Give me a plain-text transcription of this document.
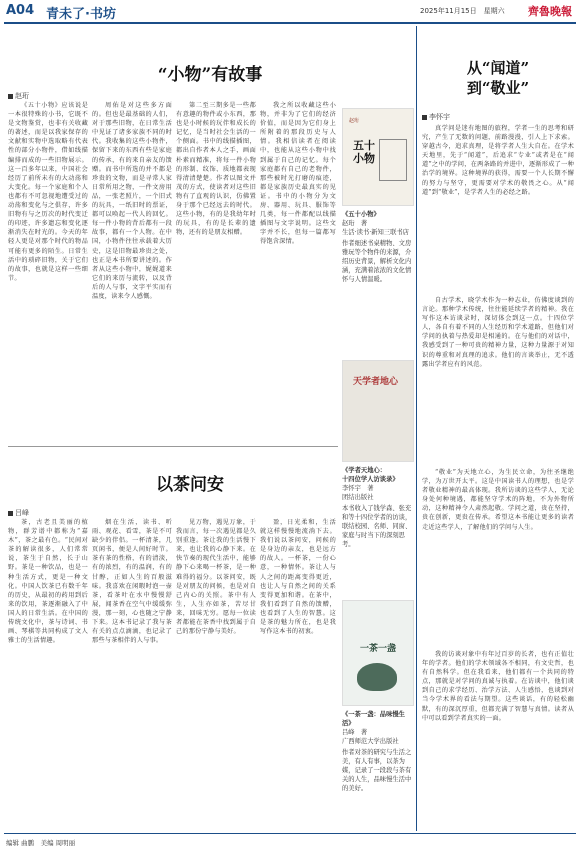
A04 青未了·书坊	2025年11月15日　星期六 齊魯晚報
“小物”有故事
赵珩

《五十小物》应该说是一本很特殊的小书，它既不是文物鉴赏，也非有关收藏的著述，而是以我家保存的文献和实物中选取略有代表性的部分小物件，借如线描编排而成的一些旧物展示。这一百多年以来，中国社会经历了前所未有的大动荡和大变化。每一个家庭和个人也都有不可忽视地遭受过的动荡和变化与之俱存，许多旧物有与之历次的时代变迁的印迹，许多遗忘和变化逐渐消失在时光的。今天的年轻人更是对那个时代的物品可能有更多的陌生。日常生活中的琐碎旧物，关于它们的故事，也就是这样一些细节。

周佑是对这些多方面的。但也是最基础的人们，对于那些旧物，在日常生活中见证了诸多家族不同的时代。我收集的这些小物件，保留下来的东西有些是家庭的传承，有的来自亲友的馈赠。而书中所选的并不都是珍贵的文物，而是寻常人家日常所用之物，一件文房用品，一张老照片，一个旧式的玩具，一纸旧时的票证，都可以唤起一代人的回忆。每一件小物的背后都有一段故事，都有一个人物。在中国，小物件往往承载着大历史，这是旧物最珍贵之处，也正是本书所要讲述的。作者从这些小物中，娓娓道来它们的来历与流转，以及背后的人与事，文字平实而有温度，读来令人感慨。

第二至三期多是一些都有意趣的物件或小东西，那也是小时候的玩伴和成长的记忆，是当时社会生活的一个侧面。书中的线描插图，都出自作者本人之手，画面朴素而精准，将每一件小物的形制、纹饰、质地都表现得清清楚楚。作者以图文并茂的方式，使读者对这些旧物有了直观的认识，仿佛置身于那个已经远去的时代。这些小物，有的是我幼年时的玩具，有的是长辈的遗物，还有的是朋友相赠。

我之所以收藏这些小物，并非为了它们的经济价值，而是因为它们身上所附着的那段历史与人情。我相信读者在阅读中，也能从这些小物中找到属于自己的记忆。每个家庭都有自己的老物件，那些被时光打磨的痕迹，都是家族历史最真实的见证。书中的小物分为文房、器用、玩具、服饰等几类，每一件都配以线描插图与文字说明。这些文字并不长，但每一篇都写得饱含深情。

赵珩
五十小物
《五十小物》
赵珩　著
生活·读书·新知三联书店
作者细述书桌精物、文房雅玩等个物件的来源，介绍历史背景，解析文化内涵，充满着浓浓的文化情怀与人情温暖。
天学者地心
《学者天地心：
十四位学人访谈录》
李怀宇　著
团结出版社
本书收入了钱学森、张充和等十四位学者的访谈，联结校园、名师、同窗、家庭与时当下的深刻思考。
一茶一盏
《一茶一盏：品味慢生活》
吕峰　著
广西师范大学出版社
作者对茶的研究与生活之美，有人有事，以茶为媒，记录了一段段与茶有关的人生，品味慢生活中的美好。
以茶问安
吕峰

茶，古老且美丽的植物，群芳谱中都称为“嘉木”，茶之最有色。“民间对茶的解读很多，人们常常说，茶生于自然，长于山野。茶是一种饮品，也是一种生活方式，更是一种文化。中国人饮茶已有数千年的历史，从最初的药用到后来的饮用，茶逐渐融入了中国人的日常生活。在中国的传统文化中，茶与诗词、书画、琴棋等共同构成了文人雅士的生活情趣。

烟在生活，读书、听雨、观花、看雪，茶是不可缺少的伴侣。一杯清茶，几页闲书，便是人间好时节。茶有茶的性格，有的清淡，有的浓烈，有的温润，有的甘醇，正如人生的百般滋味。我喜欢在闲暇时泡一壶茶，看茶叶在水中慢慢舒展，闻茶香在空气中缓缓弥漫，那一刻，心也随之宁静下来。这本书记录了我与茶有关的点点滴滴，也记录了那些与茶相伴的人与事。

见万物，遇见万象，于我而言，每一次遇见都是久别重逢。茶让我的生活慢下来，也让我的心静下来。在快节奏的现代生活中，能够静下心来喝一杯茶，是一种难得的福分。以茶问安，既是对朋友的问候，也是对自己内心的关照。茶中有人生，人生亦如茶，苦尽甘来，回味无穷。愿每一位读者都能在茶香中找到属于自己的那份宁静与美好。

盈，日光柔和，生活就这样慢慢地流淌下去。我们说以茶问安，问候的是身边的亲友，也是远方的故人。一杯茶，一份心意，一种情怀。茶让人与人之间的距离变得更近，也让人与自然之间的关系变得更加和谐。在茶中，我们看到了自然的馈赠，也看到了人生的智慧。这是茶的魅力所在，也是我写作这本书的初衷。

从“闻道”
到“敬业”
李怀宇

真学问是迷有地图的旅程，学者一生的思考和研究，产生了无数的问题，前路漫漫，引人上下求索。穿越古今，追求真理，是将学者人生大自在。在学术天地里，先于“闻道”，后追求“专业”或者是在“闻道”之中的学问，在两条路的并进中，逐渐形成了一种治学的境界。这种境界的获得，需要一个人长期不懈的努力与坚守，更需要对学术的敬畏之心。从“闻道”到“敬业”，是学者人生的必经之路。

自古学术，晓学术作为一种志业，仿佛度谈到的言论。那种学术传统，往往能延续学者的精神。我在写作这本访谈录时，深切体会到这一点。十四位学人，各自有着不同的人生经历和学术道路，但他们对学问的执着与热爱却是相通的。在与他们的对话中，我感受到了一种可贵的精神力量，这种力量源于对知识的尊重和对真理的追求。他们的言谈举止，无不透露出学者应有的风范。

“敬业”为天地立心，为生民立命，为往圣继绝学，为万世开太平。这是中国读书人的理想，也是学者敬业精神的最高体现。我所访谈的这些学人，无论身处何种境遇，都能坚守学术的阵地，不为外物所动，这种精神令人肃然起敬。学问之道，贵在坚持，贵在创新，更贵在传承。希望这本书能让更多的读者走近这些学人，了解他们的学问与人生。

我的访谈对象中有年过百岁的长者，也有正值壮年的学者。他们的学术领域各不相同，有文史哲，也有自然科学。但在我看来，他们都有一个共同的特点，那就是对学问的真诚与执着。在访谈中，他们谈到自己的求学经历、治学方法、人生感悟，也谈到对当今学术界的看法与期望。这些谈话，有的轻松幽默，有的深沉厚重，但都充满了智慧与真情。读者从中可以看到学者真实的一面。

编辑 曲鹏　美编 周明丽
